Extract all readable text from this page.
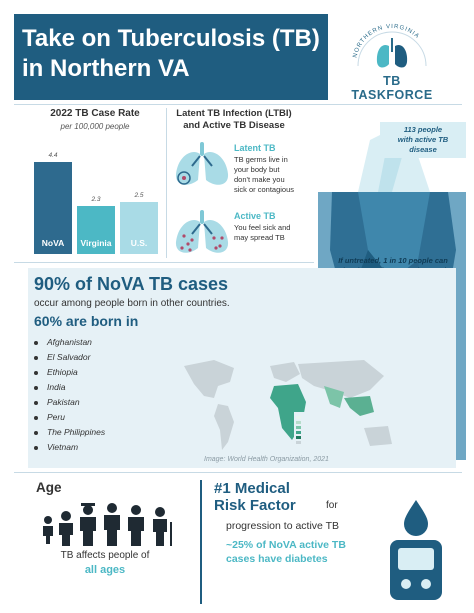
Take on Tuberculosis (TB)
in Northern VA	NORTHERN VIRGINIA
TB TASKFORCE
2022 TB Case Rate
per 100,000 people
NoVA
4.4
Virginia
2.3
U.S.
2.5
Latent TB Infection (LTBI)
and Active TB Disease
Latent TB
TB germs live in
your body but
don't make you
sick or contagious
Active TB
You feel sick and
may spread TB
113 people
with active TB
disease
If untreated, 1 in 10 people can
90% of NoVA TB cases
occur among people born in other countries.
60% are born in
Afghanistan
El Salvador
Ethiopia
India
Pakistan
Peru
The Philippines
Vietnam
Image: World Health Organization, 2021
Age
TB affects people of
all ages
#1 Medical
Risk Factor	for
progression to active TB
~25% of NoVA active TB
cases have diabetes
